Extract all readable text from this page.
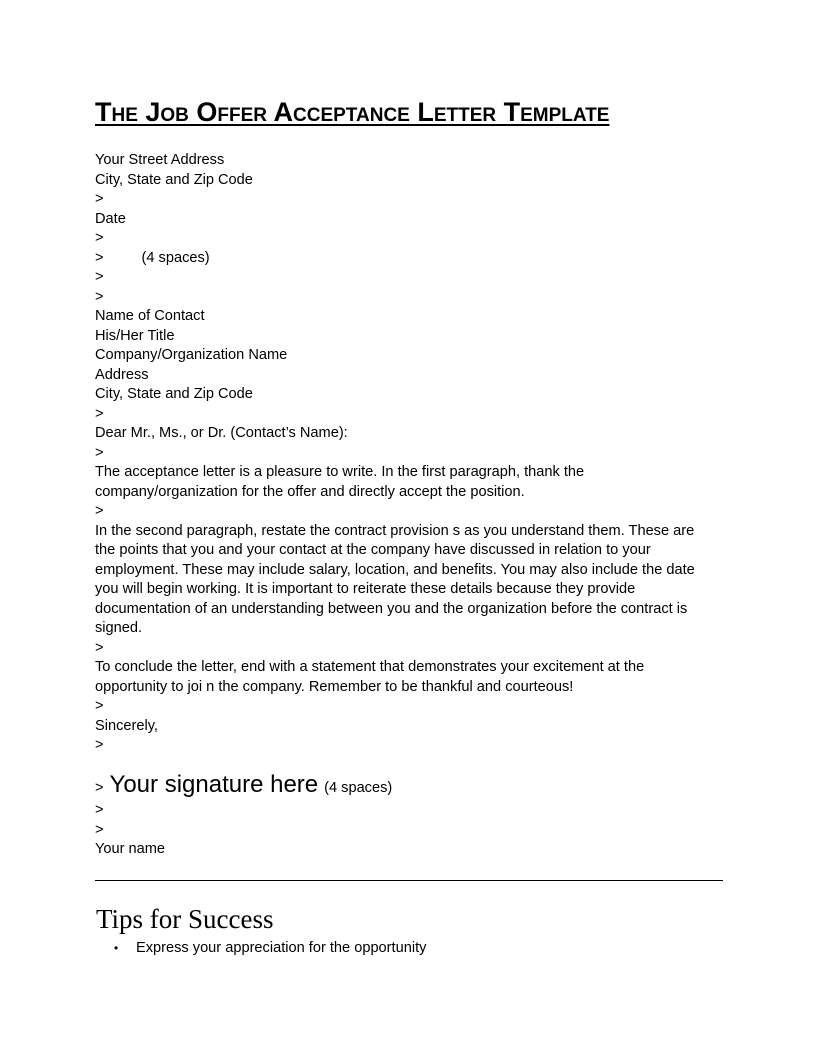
The Job Offer Acceptance Letter Template
Your Street Address
City, State and Zip Code
>
Date
>
>	(4 spaces)
>
>
Name of Contact
His/Her Title
Company/Organization Name
Address
City, State and Zip Code
>
Dear Mr., Ms., or Dr. (Contact’s Name):
>
The acceptance letter is a pleasure to write. In the first paragraph, thank the company/organization for the offer and directly accept the position.
>
In the second paragraph, restate the contract provision s as you understand them. These are the points that you and your contact at the company have discussed in relation to your employment. These may include salary, location, and benefits. You may also include the date you will begin working. It is important to reiterate these details because they provide documentation of an understanding between you and the organization before the contract is signed.
>
To conclude the letter, end with a statement that demonstrates your excitement at the opportunity to joi n the company. Remember to be thankful and courteous!
>
Sincerely,
>
> Your signature here (4 spaces)
>
>
Your name
Tips for Success
• Express your appreciation for the opportunity
